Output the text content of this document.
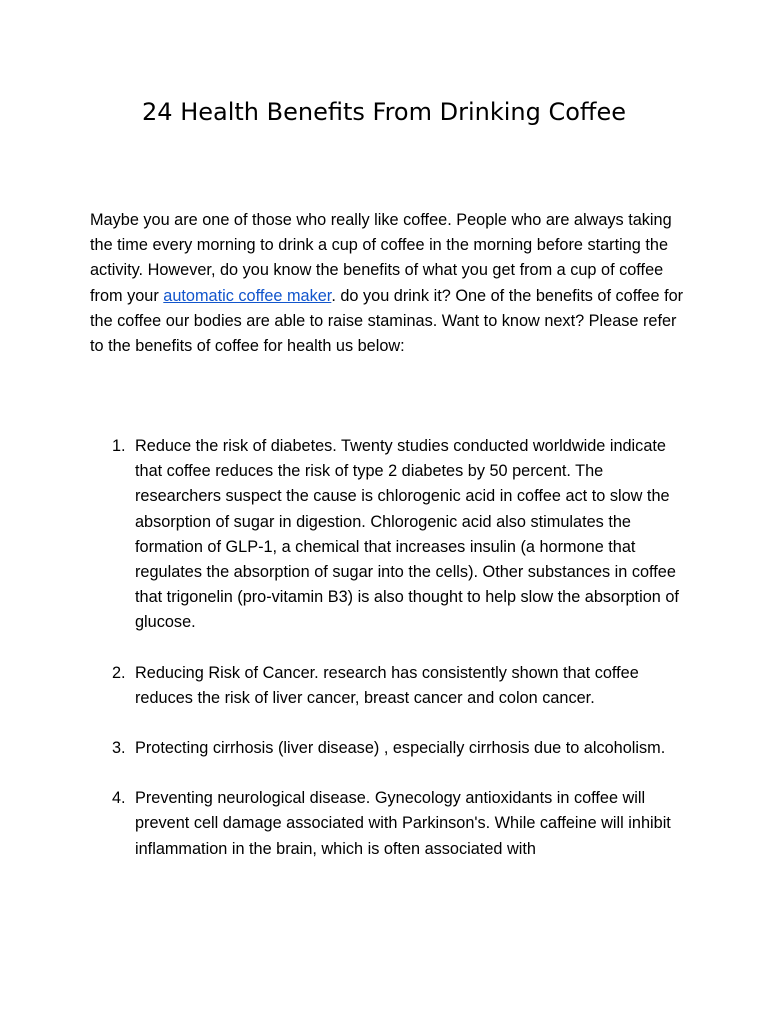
24 Health Benefits From Drinking Coffee

Maybe you are one of those who really like coffee. People who are always taking the time every morning to drink a cup of coffee in the morning before starting the activity. However, do you know the benefits of what you get from a cup of coffee from your automatic coffee maker. do you drink it? One of the benefits of coffee for the coffee our bodies are able to raise staminas. Want to know next? Please refer to the benefits of coffee for health us below:

1. Reduce the risk of diabetes. Twenty studies conducted worldwide indicate that coffee reduces the risk of type 2 diabetes by 50 percent. The researchers suspect the cause is chlorogenic acid in coffee act to slow the absorption of sugar in digestion. Chlorogenic acid also stimulates the formation of GLP-1, a chemical that increases insulin (a hormone that regulates the absorption of sugar into the cells). Other substances in coffee that trigonelin (pro-vitamin B3) is also thought to help slow the absorption of glucose.
2. Reducing Risk of Cancer. research has consistently shown that coffee reduces the risk of liver cancer, breast cancer and colon cancer.
3. Protecting cirrhosis (liver disease) , especially cirrhosis due to alcoholism.
4. Preventing neurological disease. Gynecology antioxidants in coffee will prevent cell damage associated with Parkinson's. While caffeine will inhibit inflammation in the brain, which is often associated with
